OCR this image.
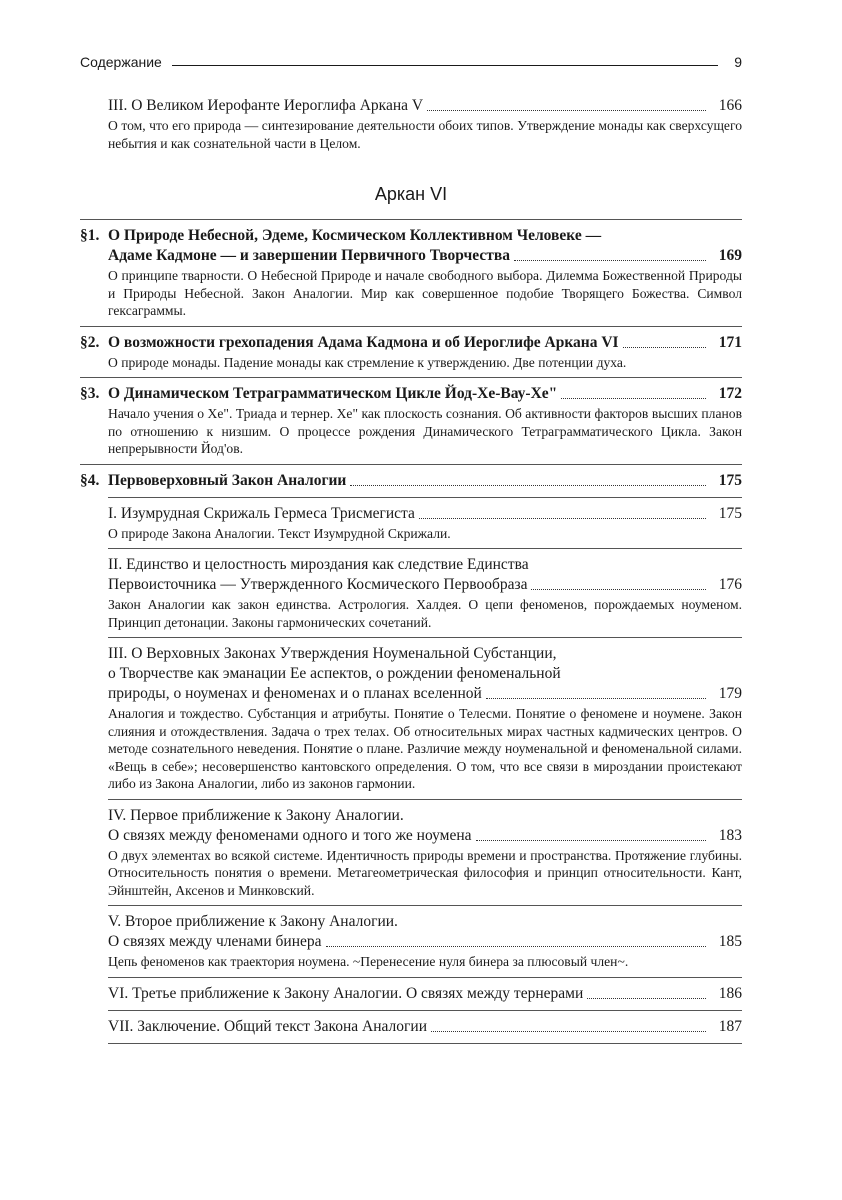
Содержание	9
III. О Великом Иерофанте Иероглифа Аркана V	166
О том, что его природа — синтезирование деятельности обоих типов. Утверждение монады как сверхсущего небытия и как сознательной части в Целом.
Аркан VI
§1. О Природе Небесной, Эдеме, Космическом Коллективном Человеке —
Адаме Кадмоне — и завершении Первичного Творчества	169
О принципе тварности. О Небесной Природе и начале свободного выбора. Дилемма Божественной Природы и Природы Небесной. Закон Аналогии. Мир как совершенное подобие Творящего Божества. Символ гексаграммы.
§2. О возможности грехопадения Адама Кадмона и об Иероглифе Аркана VI	171
О природе монады. Падение монады как стремление к утверждению. Две потенции духа.
§3. О Динамическом Тетраграмматическом Цикле Йод-Хе-Вау-Хе"	172
Начало учения о Хе". Триада и тернер. Хе" как плоскость сознания. Об активности факторов высших планов по отношению к низшим. О процессе рождения Динамического Тетраграмматического Цикла. Закон непрерывности Йод'ов.
§4. Первоверховный Закон Аналогии	175
I. Изумрудная Скрижаль Гермеса Трисмегиста	175
О природе Закона Аналогии. Текст Изумрудной Скрижали.
II. Единство и целостность мироздания как следствие Единства
Первоисточника — Утвержденного Космического Первообраза	176
Закон Аналогии как закон единства. Астрология. Халдея. О цепи феноменов, порождаемых ноуменом. Принцип детонации. Законы гармонических сочетаний.
III. О Верховных Законах Утверждения Ноуменальной Субстанции,
о Творчестве как эманации Ее аспектов, о рождении феноменальной
природы, о ноуменах и феноменах и о планах вселенной	179
Аналогия и тождество. Субстанция и атрибуты. Понятие о Телесми. Понятие о феномене и ноумене. Закон слияния и отождествления. Задача о трех телах. Об относительных мирах частных кадмических центров. О методе сознательного неведения. Понятие о плане. Различие между ноуменальной и феноменальной силами. «Вещь в себе»; несовершенство кантовского определения. О том, что все связи в мироздании проистекают либо из Закона Аналогии, либо из законов гармонии.
IV. Первое приближение к Закону Аналогии.
О связях между феноменами одного и того же ноумена	183
О двух элементах во всякой системе. Идентичность природы времени и пространства. Протяжение глубины. Относительность понятия о времени. Метагеометрическая философия и принцип относительности. Кант, Эйнштейн, Аксенов и Минковский.
V. Второе приближение к Закону Аналогии.
О связях между членами бинера	185
Цепь феноменов как траектория ноумена. ~Перенесение нуля бинера за плюсовый член~.
VI. Третье приближение к Закону Аналогии. О связях между тернерами	186
VII. Заключение. Общий текст Закона Аналогии	187
